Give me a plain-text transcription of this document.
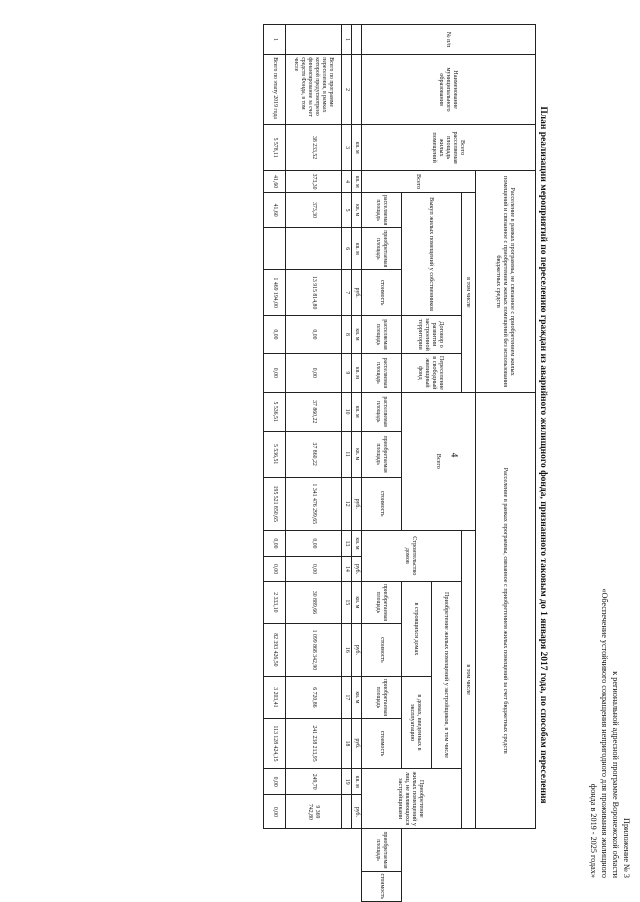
4
Приложение № 3
к региональной адресной программе Воронежской области
«Обеспечение устойчивого сокращения непригодного для проживания жилищного
фонда в 2019 - 2025 годах»
План реализации мероприятий по переселению граждан из аварийного жилищного фонда, признанного таковым до 1 января 2017 года, по способам переселения
№ п/п	Наименование муниципального образования	Всего расселяемая площадь жилых помещений	Расселение в рамках программы, не связанное с приобретением жилых помещений и связанное с приобретением жилых помещений без использования бюджетных средств						Расселение в рамках программы, связанное с приобретением жилых помещений за счет бюджетных средств												
			Всего	в том числе					Всего			в том числе									
				Выкуп жилых помещений у собственников			Договор о развитии застроенной территории	Переселение в свободный жилищный фонд				Строительство домов		Приобретение жилых помещений у застройщиков, в том числе				Приобретение жилых помещений у лиц, не являющихся застройщиками			
														в строящихся домах		в домах, введенных в эксплуатацию					
				расселяемая площадь	приобретаемая площадь	стоимость	расселяемая площадь	расселяемая площадь	расселяемая площадь	приобретаемая площадь	стоимость			приобретаемая площадь	стоимость	приобретаемая площадь	стоимость			приобретаемая площадь	стоимость
		кв. м	кв. м	кв. м	кв. м	руб.	кв. м	кв. м	кв. м	кв. м	руб.	кв. м	руб.	кв. м	руб.	кв. м	руб.	кв. м	руб.		
1	2	3	4	5	6	7	8	9	10	11	12	13	14	15	16	17	18	19			
	Всего по программе переселения, в рамках которой предусмотрено финансирование за счет средств Фонда, в том числе	38 233,52	373,30	373,30		13 915 814,80	0,00	0,00	37 860,22	37 860,22	1 341 476 299,65	0,00	0,00	30 889,66	1 099 868 342,90	6 720,86	241 238 213,95	249,70	9 369 742,80		
1	Всего по этапу 2019 года	5 578,11	41,60	41,60		1 469 194,00	0,00	0,00	5 536,51	5 536,51	195 521 850,65	0,00	0,00	2 333,10	82 393 426,50	3 203,41	113 128 424,15	0,00	0,00		
